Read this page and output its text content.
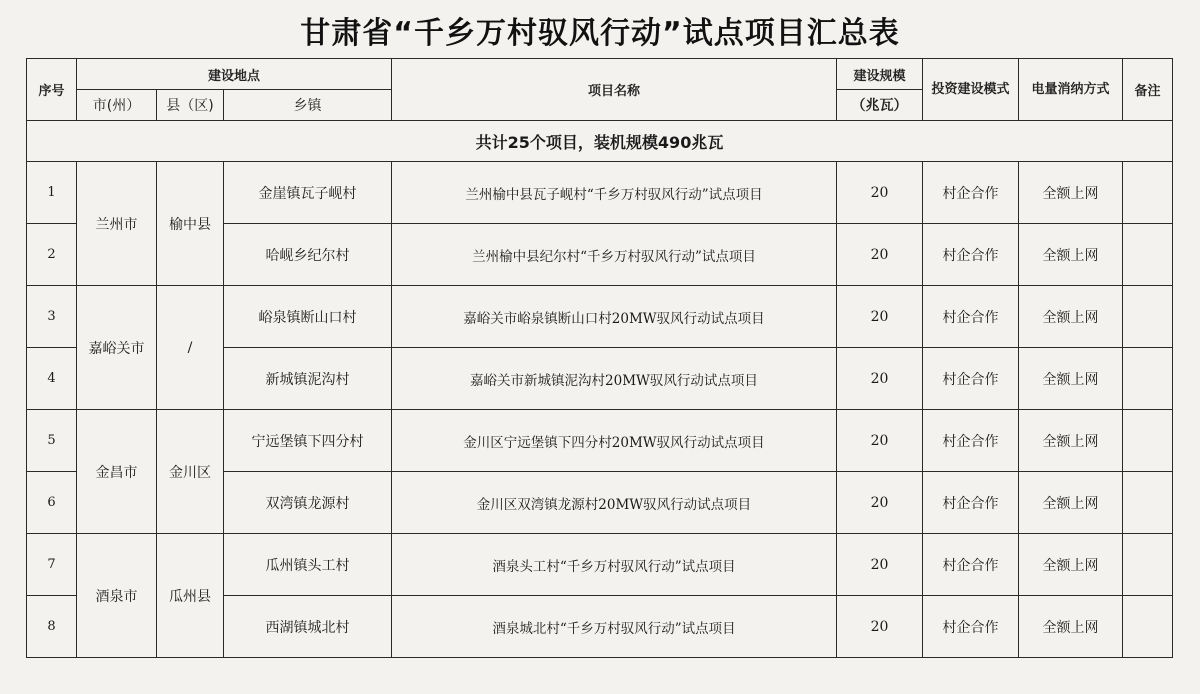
甘肃省“千乡万村驭风行动”试点项目汇总表
序号	建设地点			项目名称	建设规模	投资建设模式	电量消纳方式	备注
	市(州）	县（区)	乡镇		（兆瓦）			
共计25个项目，装机规模490兆瓦								
1	兰州市	榆中县	金崖镇瓦子岘村	兰州榆中县瓦子岘村“千乡万村驭风行动”试点项目	20	村企合作	全额上网	
2			哈岘乡纪尔村	兰州榆中县纪尔村“千乡万村驭风行动”试点项目	20	村企合作	全额上网	
3	嘉峪关市	/	峪泉镇断山口村	嘉峪关市峪泉镇断山口村20MW驭风行动试点项目	20	村企合作	全额上网	
4			新城镇泥沟村	嘉峪关市新城镇泥沟村20MW驭风行动试点项目	20	村企合作	全额上网	
5	金昌市	金川区	宁远堡镇下四分村	金川区宁远堡镇下四分村20MW驭风行动试点项目	20	村企合作	全额上网	
6			双湾镇龙源村	金川区双湾镇龙源村20MW驭风行动试点项目	20	村企合作	全额上网	
7	酒泉市	瓜州县	瓜州镇头工村	酒泉头工村“千乡万村驭风行动”试点项目	20	村企合作	全额上网	
8			西湖镇城北村	酒泉城北村“千乡万村驭风行动”试点项目	20	村企合作	全额上网	
